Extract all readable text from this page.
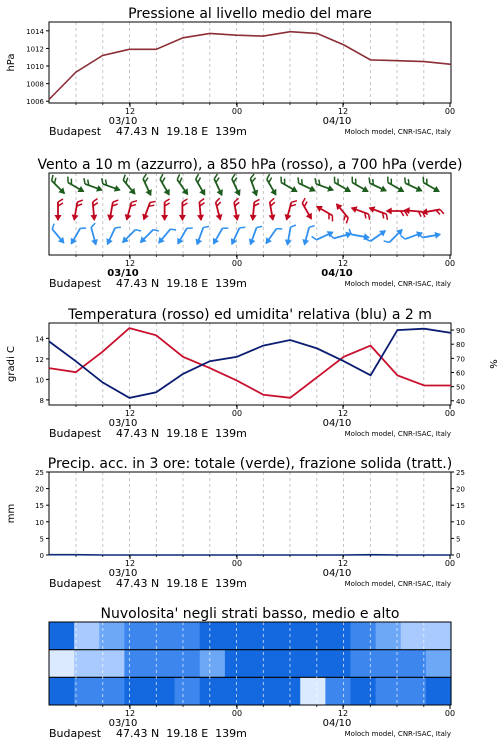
Pressione al livello medio del mare
1006
1008
1010
1012
1014
hPa
12	00	12	00
03/10	04/10
Budapest 47.43 N  19.18 E  139m	Moloch model, CNR-ISAC, Italy
Vento a 10 m (azzurro), a 850 hPa (rosso), a 700 hPa (verde)
12	00	12	00
03/10	04/10
Budapest 47.43 N  19.18 E  139m	Moloch model, CNR-ISAC, Italy
Temperatura (rosso) ed umidita' relativa (blu) a 2 m
8
10
12
14
40
50
60
70
80
90
gradi C	%
12	00	12	00
03/10	04/10
Budapest 47.43 N  19.18 E  139m	Moloch model, CNR-ISAC, Italy
Precip. acc. in 3 ore: totale (verde), frazione solida (tratt.)
0	0
5	5
10	10
15	15
20	20
25	25
mm
12	00	12	00
03/10	04/10
Budapest 47.43 N  19.18 E  139m	Moloch model, CNR-ISAC, Italy
Nuvolosita' negli strati basso, medio e alto
12	00	12	00
03/10	04/10
Budapest 47.43 N  19.18 E  139m	Moloch model, CNR-ISAC, Italy
